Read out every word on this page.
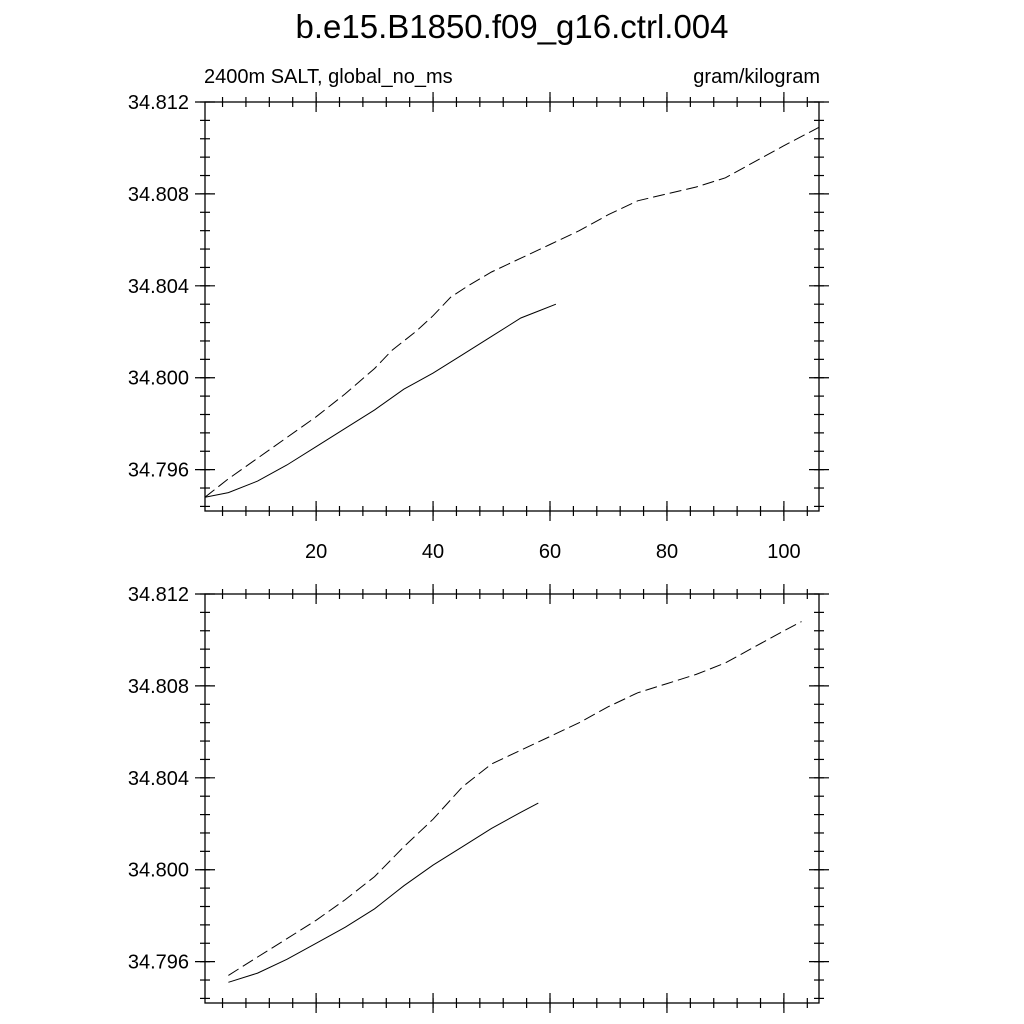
b.e15.B1850.f09_g16.ctrl.004
2400m SALT, global_no_ms	gram/kilogram
34.796
34.800
34.804
34.808
34.812
20	40	60	80	100
34.796
34.800
34.804
34.808
34.812
